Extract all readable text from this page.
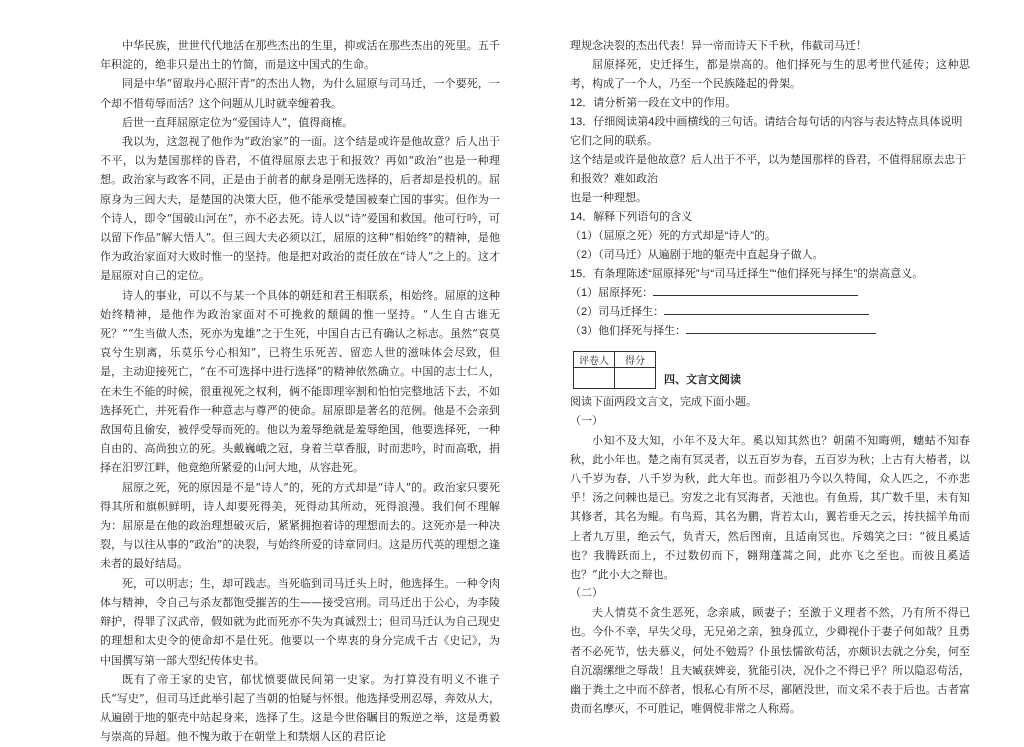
中华民族，世世代代地活在那些杰出的生里，抑或活在那些杰出的死里。五千年积淀的，绝非只是出土的竹简，而是这中国式的生命。

同是中华“留取丹心照汗青”的杰出人物，为什么屈原与司马迁，一个要死，一个却不惜苟辱而活？这个问题从儿时就幸缠着我。

后世一直拜屈原定位为“爱国诗人”，值得商榷。

我以为，这忽视了他作为“政治家”的一面。这个结是或许是他故意？后人出于不平，以为楚国那样的昏君，不值得屈原去忠于和报效？再如“政治”也是一种理想。政治家与政客不同，正是由于前者的献身是刚无选择的，后者却是投机的。屈原身为三闾大夫，是楚国的决策大臣，他不能承受楚国被秦亡国的事实。但作为一个诗人，即令“国破山河在”，亦不必去死。诗人以“诗”爱国和救国。他可行吟，可以留下作品“解大悟人”。但三闾大夫必须以江，屈原的这种“相始终”的精神，是他作为政治家面对大败时惟一的坚持。他是把对政治的责任放在“诗人”之上的。这才是屈原对自己的定位。

诗人的事业，可以不与某一个具体的朝廷和君王相联系，相始终。屈原的这种始终精神，是他作为政治家面对不可挽救的颓阔的惟一坚持。“人生自古谁无死？”“生当做人杰，死亦为鬼雄”之于生死，中国自古已有确认之标志。虽然“哀莫哀兮生别离，乐莫乐兮心相知”，已将生乐死苦、留恋人世的滋味体会尽致，但是，主动迎接死亡，“在不可选择中进行选择”的精神依然确立。中国的志士仁人，在未生不能的时候，很重视死之权利，俩不能即理宰割和怕怕完整地活下去，不如选择死亡，并死看作一种意志与尊严的使命。屈原即是著名的范例。他是不会亲到敌国苟且偷安，被俘受辱而死的。他以为羞辱绝就是羞辱绝国，他要选择死，一种自由的、高尚独立的死。头戴巍峨之冠，身着兰草香服，时而悲吟，时而高歌，捐择在汨罗江畔，他竟绝所紧爱的山河大地，从容赴死。

屈原之死，死的原因是不是“诗人”的，死的方式却是“诗人”的。政治家只要死得其所和旗帜鲜明，诗人却要死得美，死得动其所动，死得浪漫。我们何不理解为：屈原是在他的政治理想破灭后，紧紧拥抱着诗的理想而去的。这死亦是一种决裂，与以往从事的“政治”的决裂，与始终所爱的诗章同归。这是历代英的理想之逢未者的最好结局。

死，可以明志；生，却可践志。当死临到司马迁头上时，他选择生。一种令肉体与精神，令自己与杀友都饱受摧苦的生——接受宫刑。司马迁出于公心，为李陵辩护，得罪了汉武帝，假如就为此而死亦不失为真诚烈士；但司马迁认为自己现史的理想和太史令的使命却不是仕死。他要以一个卑衷的身分完成千古《史记》，为中国撰写第一部大型纪传体史书。

既有了帝王家的史官，郁忧愤要做民间第一史家。为打算没有明义不谁子氏“写史”，但司马迁此举引起了当朝的怕疑与怀恨。他选择受刑忍辱，奔效从大，从遍剧于地的躯壳中站起身来，选择了生。这是今世俗瞩目的叛逆之举，这是勇毅与崇高的异超。他不愧为敢于在朝堂上和禁烟人区的君臣论

理规念决裂的杰出代表！异一帝而诗天下千秋，伟截司马迁！

屈原择死，史迁择生，都是崇高的。他们择死与生的思考世代延传；这种思考，构成了一个人，乃至一个民族隆起的骨架。

12．请分析第一段在文中的作用。

13．仔细阅读第4段中画横线的三句话。请结合每句话的内容与表达特点具体说明它们之间的联系。

这个结是或许是他故意？后人出于不平，以为楚国那样的昏君，不值得屈原去忠于和报效？难如政治

也是一种理想。

14．解释下列语句的含义

（1）（屈原之死）死的方式却是“诗人”的。

（2）（司马迁）从遍剧于地的躯壳中直起身子做人。

15．有条理陈述“屈原择死”与“司马迁择生”“他们择死与择生”的崇高意义。

（1）屈原择死：

（2）司马迁择生：

（3）他们择死与择生：

评卷人	得分

四、文言文阅读

阅读下面两段文言文，完成下面小题。

（一）

小知不及大知，小年不及大年。奚以知其然也？朝菌不知晦朔，蟪蛄不知春秋，此小年也。楚之南有冥灵者，以五百岁为春，五百岁为秋；上古有大椿者，以八千岁为春，八千岁为秋，此大年也。而彭祖乃今以久特闻，众人匹之，不亦悲乎！汤之问棘也是已。穷发之北有冥海者，天池也。有鱼焉，其广数千里，未有知其修者，其名为鲲。有鸟焉，其名为鹏，背若太山，翼若垂天之云，抟扶摇羊角而上者九万里，绝云气，负青天，然后图南，且适南冥也。斥鴳笑之曰：“彼且奚适也？我腾跃而上，不过数仞而下，翱翔蓬蒿之间，此亦飞之至也。而彼且奚适也？”此小大之辩也。

（二）

夫人情莫不贪生恶死，念亲戚，顾妻子；至激于义理者不然，乃有所不得已也。今仆不幸，早失父母，无兄弟之亲，独身孤立，少卿视仆于妻子何如哉？且勇者不必死节，怯夫慕义，何处不勉焉？仆虽怯懦欲苟活，亦颇识去就之分矣，何至自沉溺缧绁之辱哉！且夫臧获婢妾，犹能引决，况仆之不得已乎？所以隐忍苟活，幽于粪土之中而不辞者，恨私心有所不尽，鄙陋没世，而文采不表于后也。古者富贵而名摩灭，不可胜记，唯倜傥非常之人称焉。
